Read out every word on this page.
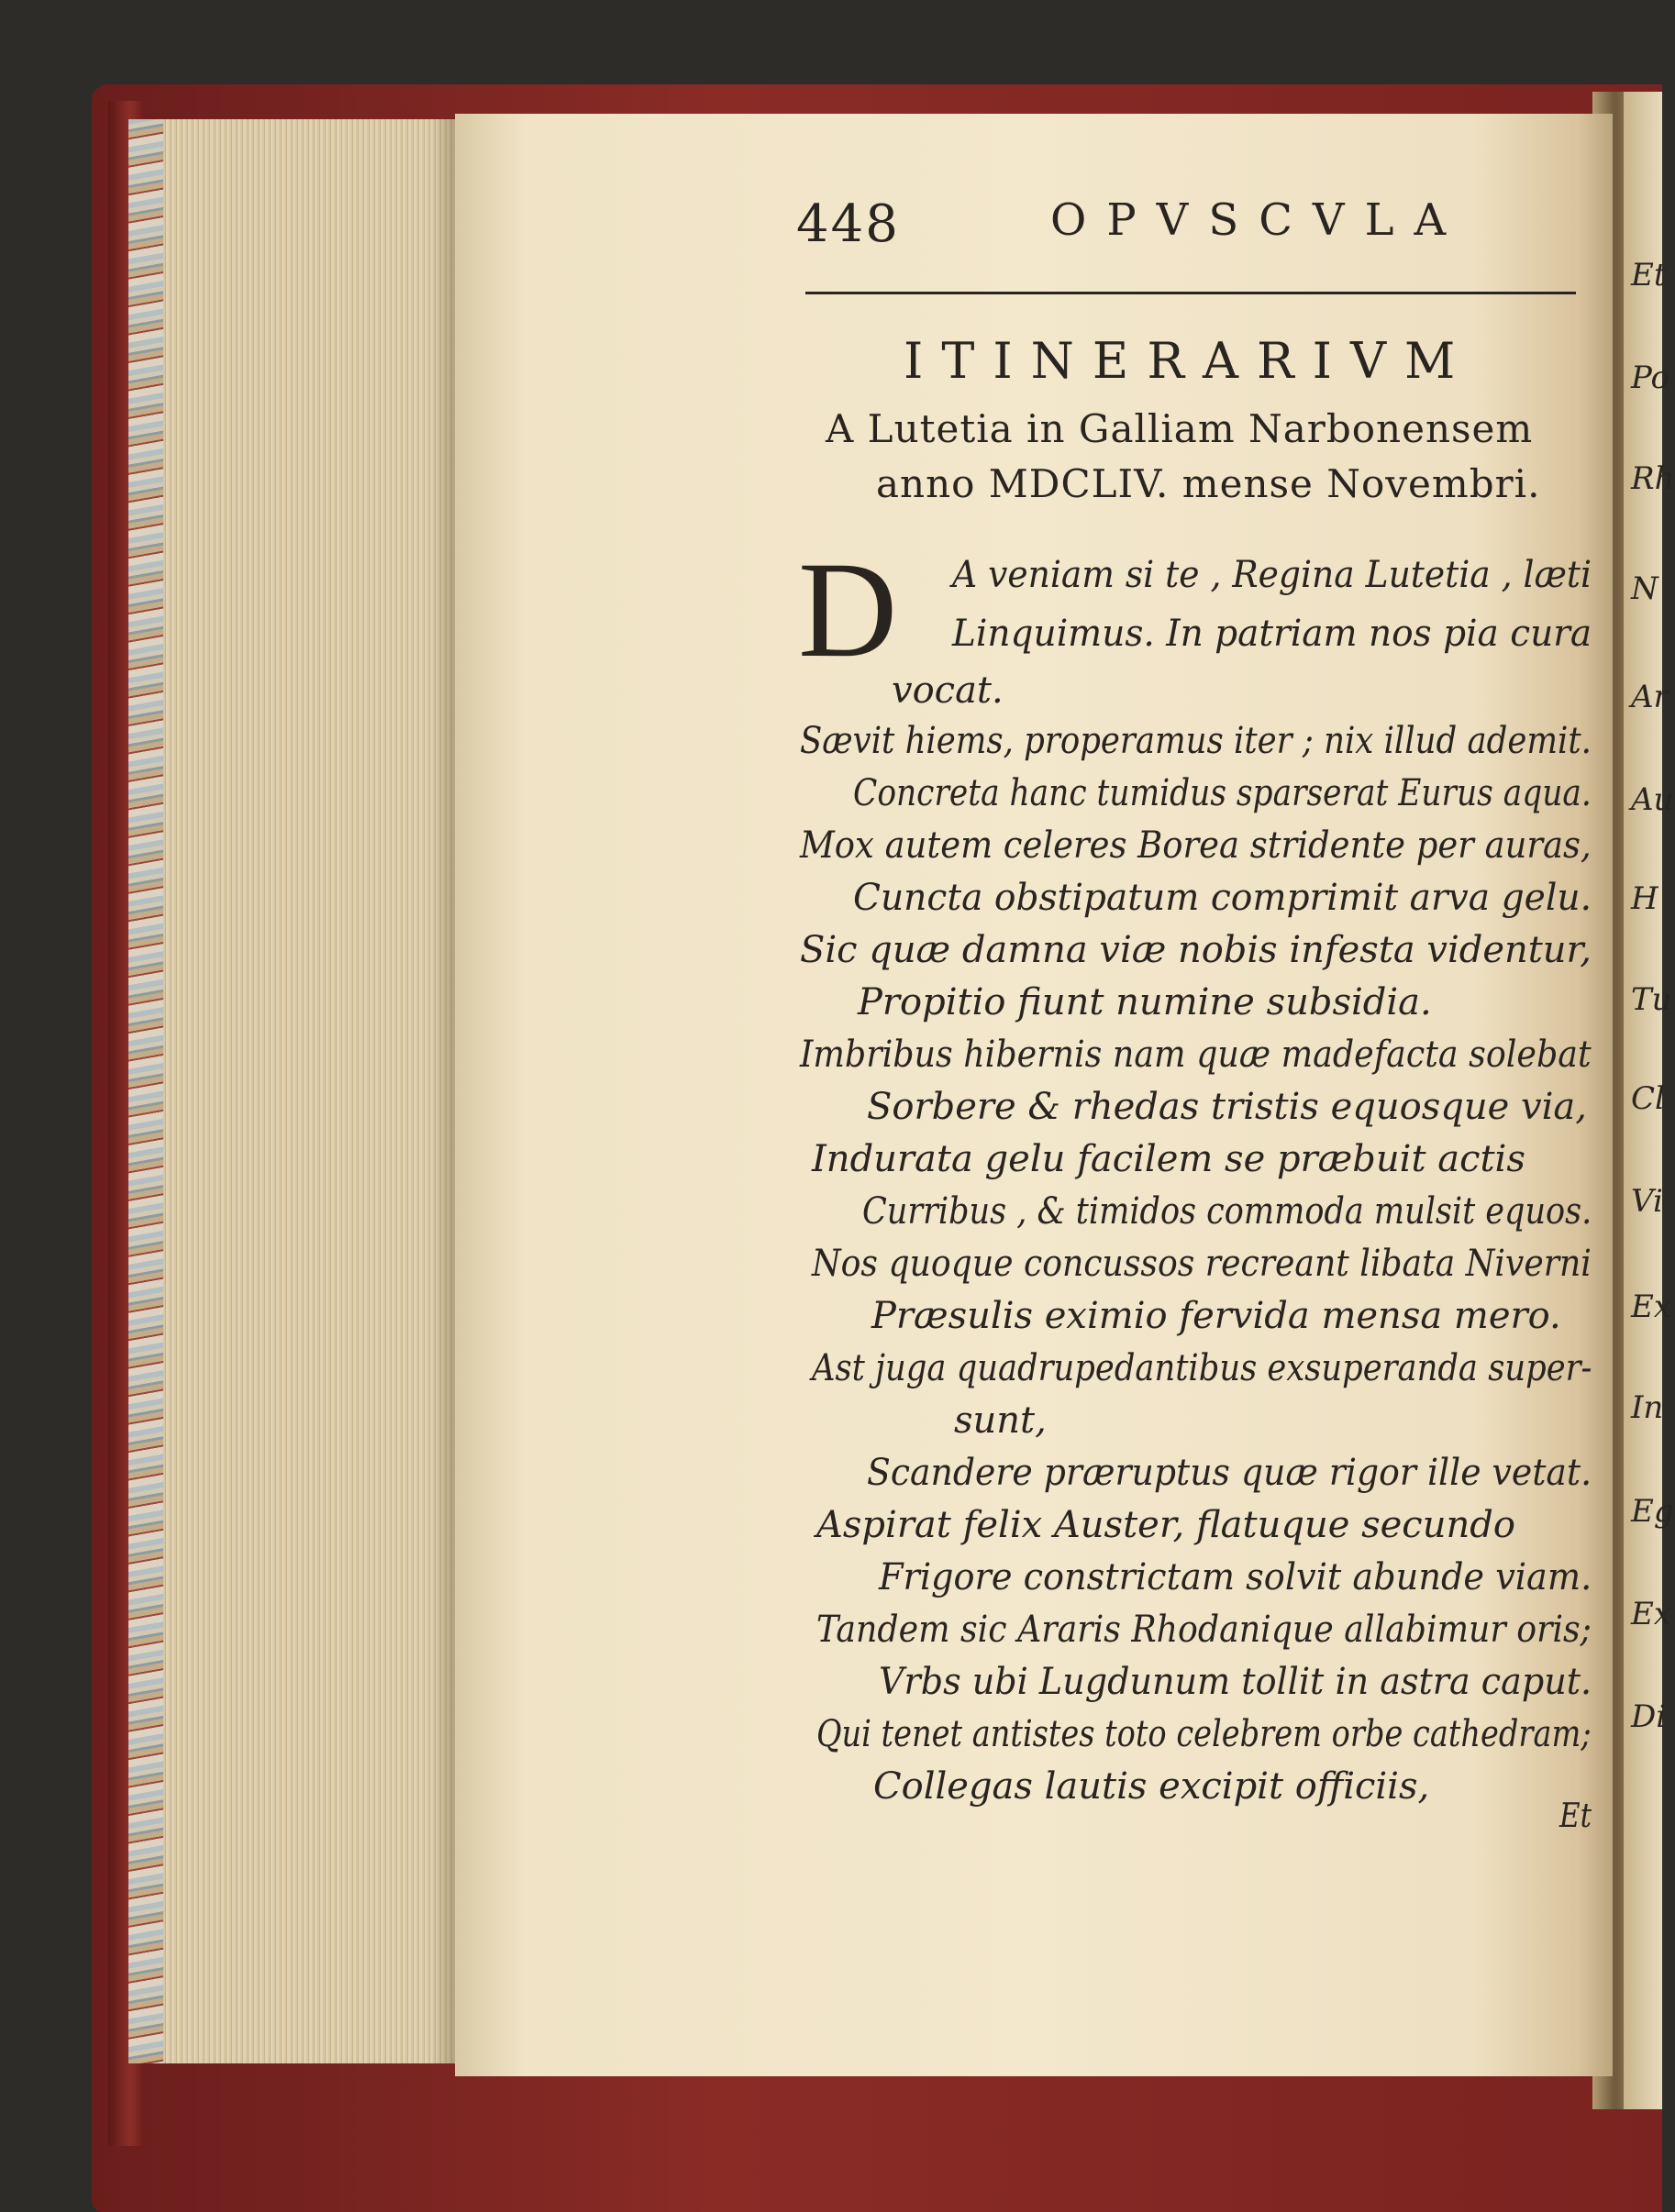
Et
Po
Rh
N
Ar
Au
H
Tu
Cl
Vi
Ex
In
Eg
Ex
Di
448	OPVSCVLA
ITINERARIVM
A Lutetia in Galliam Narbonensem
anno MDCLIV. mense Novembri.
D A veniam si te , Regina Lutetia , læti
Linquimus. In patriam nos pia cura
vocat.
Sævit hiems, properamus iter ; nix illud ademit.
Concreta hanc tumidus sparserat Eurus aqua.
Mox autem celeres Borea stridente per auras,
Cuncta obstipatum comprimit arva gelu.
Sic quæ damna viæ nobis infesta videntur,
Propitio fiunt numine subsidia.
Imbribus hibernis nam quæ madefacta solebat
Sorbere & rhedas tristis equosque via,
Indurata gelu facilem se præbuit actis
Curribus , & timidos commoda mulsit equos.
Nos quoque concussos recreant libata Niverni
Præsulis eximio fervida mensa mero.
Ast juga quadrupedantibus exsuperanda super-
sunt,
Scandere præruptus quæ rigor ille vetat.
Aspirat felix Auster, flatuque secundo
Frigore constrictam solvit abunde viam.
Tandem sic Araris Rhodanique allabimur oris;
Vrbs ubi Lugdunum tollit in astra caput.
Qui tenet antistes toto celebrem orbe cathedram;
Collegas lautis excipit officiis,
Et
